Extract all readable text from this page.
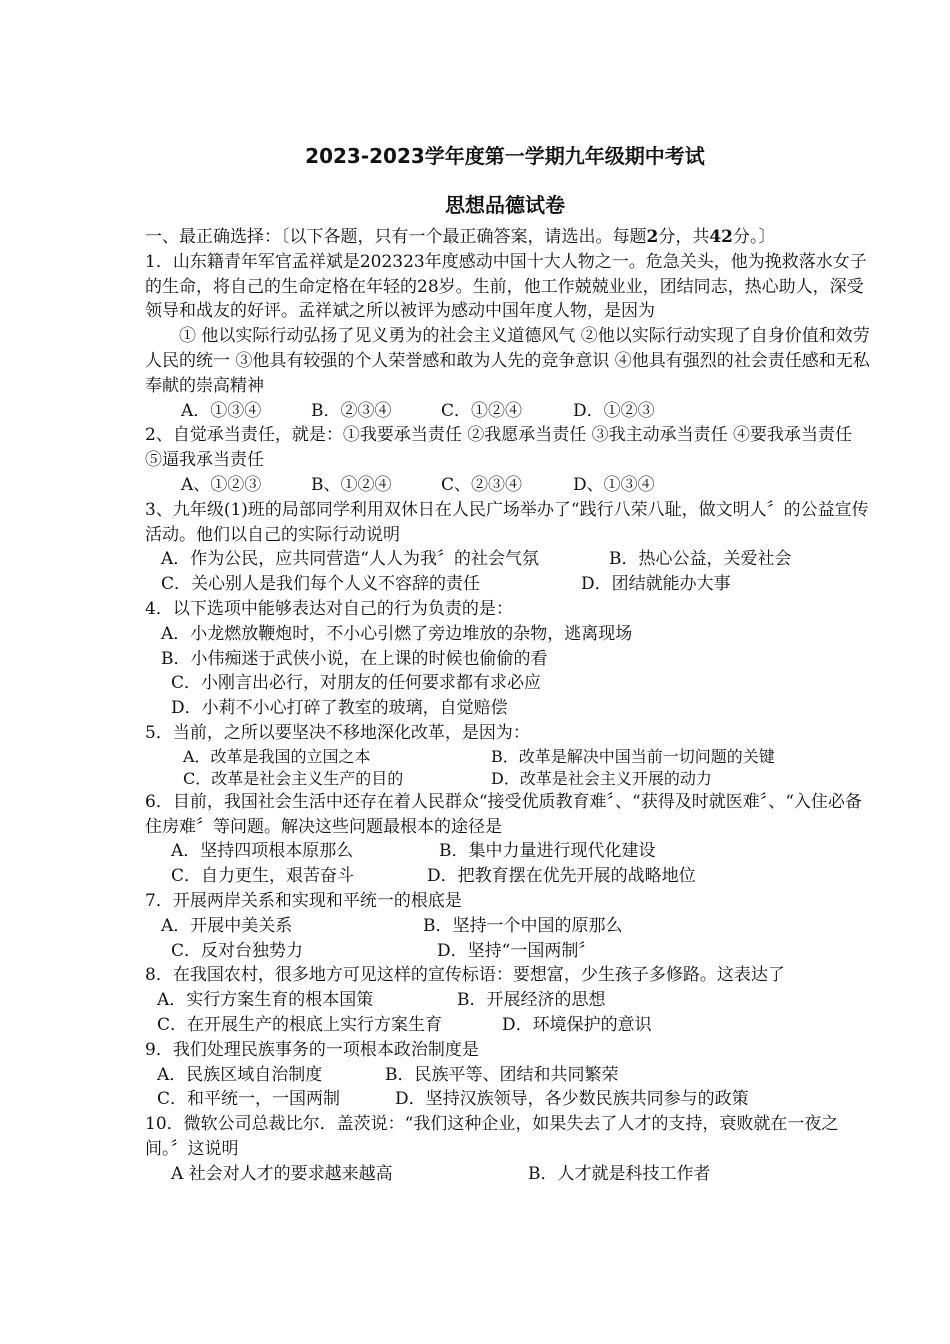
2023-2023学年度第一学期九年级期中考试
思想品德试卷

一、最正确选择：〔以下各题，只有一个最正确答案，请选出。每题2分，共42分。〕

1．山东籍青年军官孟祥斌是202323年度感动中国十大人物之一。危急关头，他为挽救落水女子的生命，将自己的生命定格在年轻的28岁。生前，他工作兢兢业业，团结同志，热心助人，深受领导和战友的好评。孟祥斌之所以被评为感动中国年度人物，是因为

① 他以实际行动弘扬了见义勇为的社会主义道德风气 ②他以实际行动实现了自身价值和效劳人民的统一 ③他具有较强的个人荣誉感和敢为人先的竞争意识 ④他具有强烈的社会责任感和无私奉献的崇高精神

A．①③④	B．②③④	C．①②④	D．①②③

2、自觉承当责任，就是：①我要承当责任 ②我愿承当责任 ③我主动承当责任 ④要我承当责任 ⑤逼我承当责任

A、①②③	B、①②④	C、②③④	D、①③④

3、九年级(1)班的局部同学利用双休日在人民广场举办了“践行八荣八耻，做文明人〞的公益宣传活动。他们以自己的实际行动说明

A．作为公民，应共同营造“人人为我〞的社会气氛	B．热心公益，关爱社会
C．关心别人是我们每个人义不容辞的责任	D．团结就能办大事

4．以下选项中能够表达对自己的行为负责的是：

A．小龙燃放鞭炮时，不小心引燃了旁边堆放的杂物，逃离现场

B．小伟痴迷于武侠小说，在上课的时候也偷偷的看

C．小刚言出必行，对朋友的任何要求都有求必应

D．小莉不小心打碎了教室的玻璃，自觉赔偿

5．当前，之所以要坚决不移地深化改革，是因为：

A．改革是我国的立国之本	B．改革是解决中国当前一切问题的关键
C．改革是社会主义生产的目的	D．改革是社会主义开展的动力

6．目前，我国社会生活中还存在着人民群众“接受优质教育难〞、“获得及时就医难〞、“入住必备住房难〞等问题。解决这些问题最根本的途径是

A．坚持四项根本原那么	B．集中力量进行现代化建设
C．自力更生，艰苦奋斗	D．把教育摆在优先开展的战略地位

7．开展两岸关系和实现和平统一的根底是

A．开展中美关系	B．坚持一个中国的原那么
C．反对台独势力	D．坚持“一国两制〞

8．在我国农村，很多地方可见这样的宣传标语：要想富，少生孩子多修路。这表达了

A．实行方案生育的根本国策	B．开展经济的思想
C．在开展生产的根底上实行方案生育	D．环境保护的意识

9．我们处理民族事务的一项根本政治制度是

A．民族区域自治制度	B．民族平等、团结和共同繁荣
C．和平统一，一国两制	D．坚持汉族领导，各少数民族共同参与的政策

10．微软公司总裁比尔．盖茨说：“我们这种企业，如果失去了人才的支持，衰败就在一夜之间。〞这说明

A 社会对人才的要求越来越高	B．人才就是科技工作者
